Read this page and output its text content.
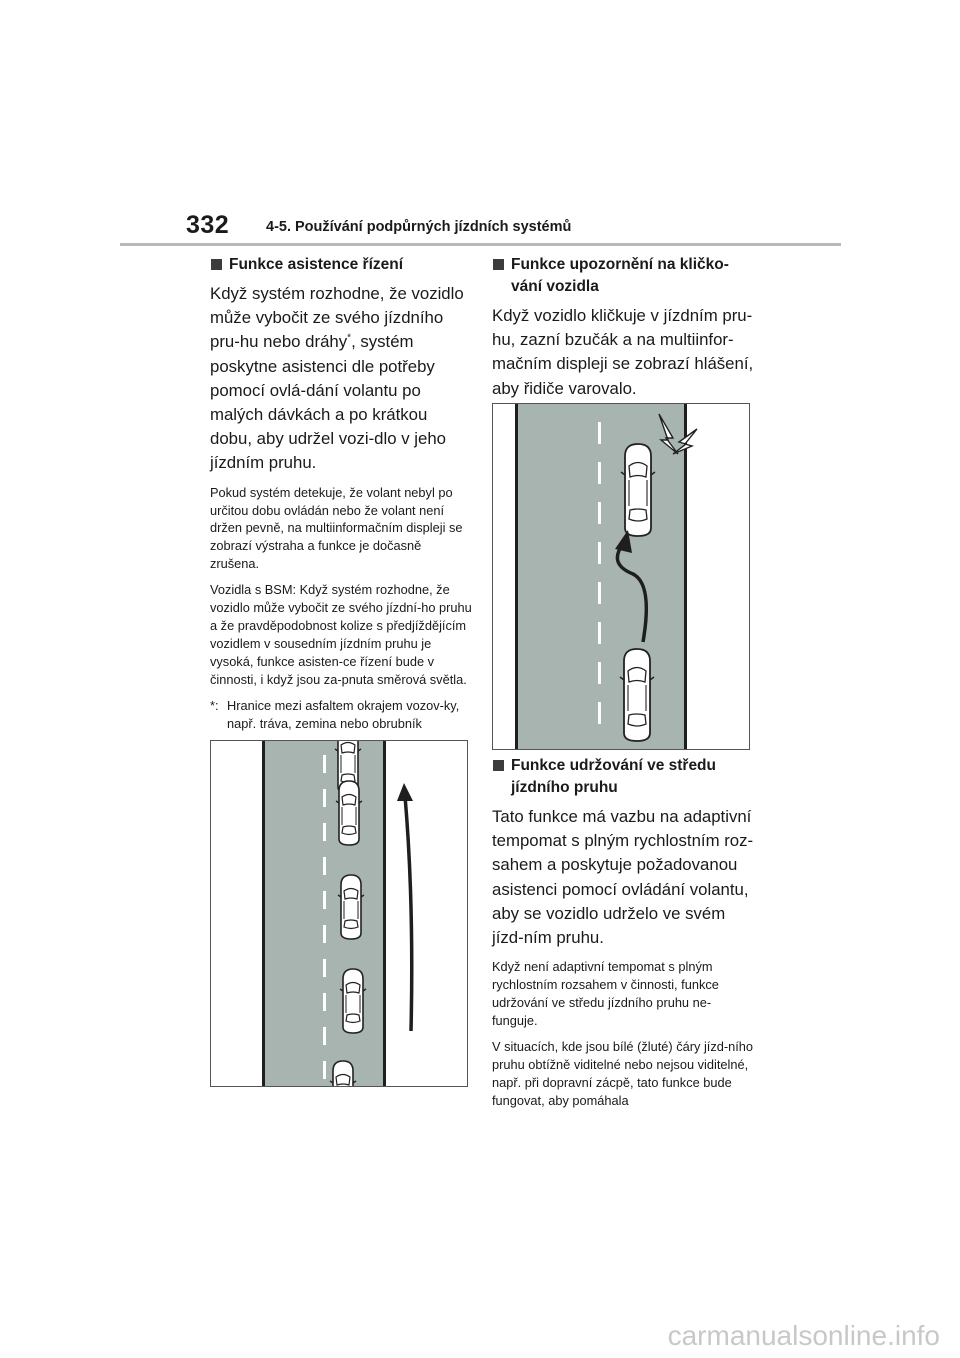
332	4-5. Používání podpůrných jízdních systémů
Funkce asistence řízení

Když systém rozhodne, že vozidlo může vybočit ze svého jízdního pru-hu nebo dráhy*, systém poskytne asistenci dle potřeby pomocí ovlá-dání volantu po malých dávkách a po krátkou dobu, aby udržel vozi-dlo v jeho jízdním pruhu.

Pokud systém detekuje, že volant nebyl po určitou dobu ovládán nebo že volant není držen pevně, na multiinformačním displeji se zobrazí výstraha a funkce je dočasně zrušena.

Vozidla s BSM: Když systém rozhodne, že vozidlo může vybočit ze svého jízdní-ho pruhu a že pravděpodobnost kolize s předjíždějícím vozidlem v sousedním jízdním pruhu je vysoká, funkce asisten-ce řízení bude v činnosti, i když jsou za-pnuta směrová světla.

*: Hranice mezi asfaltem okrajem vozov-ky, např. tráva, zemina nebo obrubník

Funkce upozornění na kličko-vání vozidla

Když vozidlo kličkuje v jízdním pru-hu, zazní bzučák a na multiinfor-mačním displeji se zobrazí hlášení, aby řidiče varovalo.

Funkce udržování ve středu jízdního pruhu

Tato funkce má vazbu na adaptivní tempomat s plným rychlostním roz-sahem a poskytuje požadovanou asistenci pomocí ovládání volantu, aby se vozidlo udrželo ve svém jízd-ním pruhu.

Když není adaptivní tempomat s plným rychlostním rozsahem v činnosti, funkce udržování ve středu jízdního pruhu ne-funguje.

V situacích, kde jsou bílé (žluté) čáry jízd-ního pruhu obtížně viditelné nebo nejsou viditelné, např. při dopravní zácpě, tato funkce bude fungovat, aby pomáhala

carmanualsonline.info
